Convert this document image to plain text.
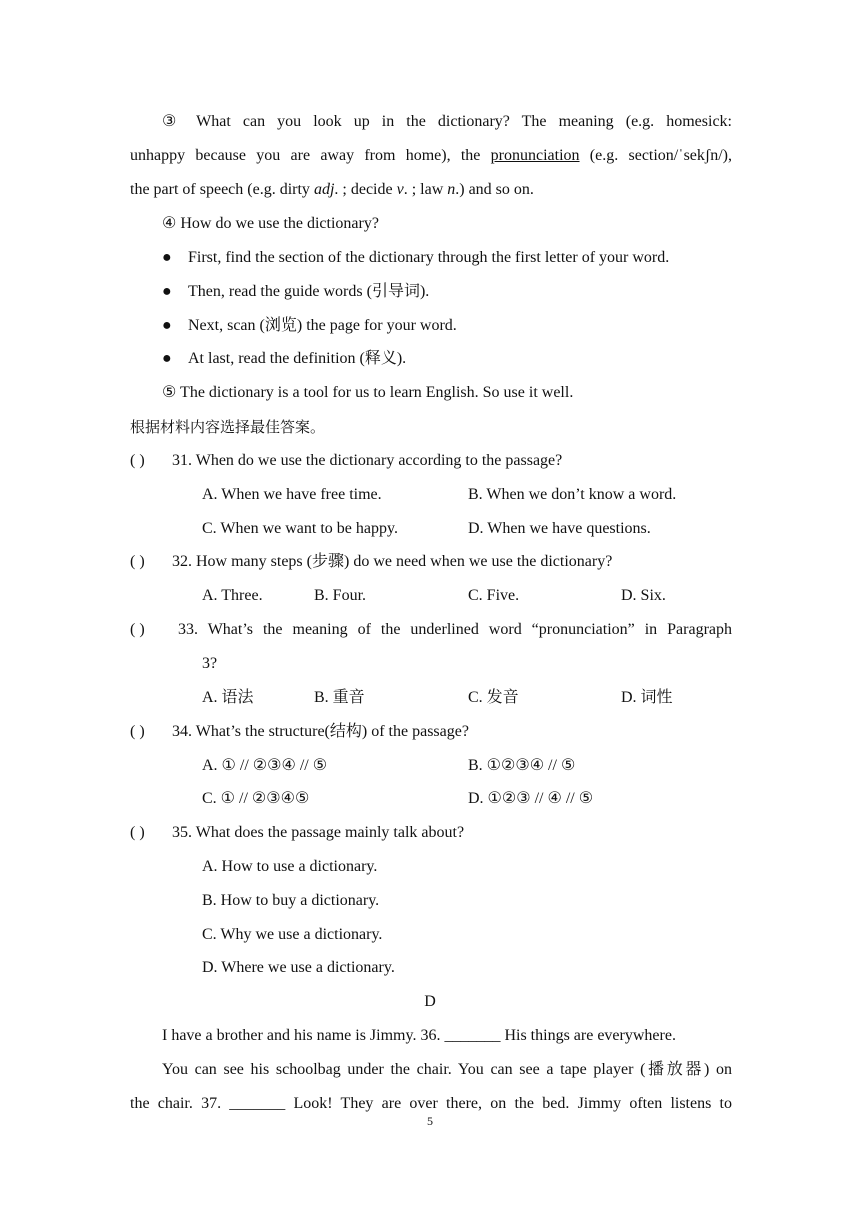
③ What can you look up in the dictionary? The meaning (e.g. homesick:
unhappy because you are away from home), the pronunciation (e.g. section/ˈsekʃn/),
the part of speech (e.g. dirty adj. ; decide v. ; law n.) and so on.
④ How do we use the dictionary?
● First, find the section of the dictionary through the first letter of your word.
● Then, read the guide words (引导词).
● Next, scan (浏览) the page for your word.
● At last, read the definition (释义).
⑤ The dictionary is a tool for us to learn English. So use it well.
根据材料内容选择最佳答案。
( ) 31. When do we use the dictionary according to the passage?
A. When we have free time.	B. When we don’t know a word.
C. When we want to be happy.	D. When we have questions.
( ) 32. How many steps (步骤) do we need when we use the dictionary?
A. Three.	B. Four.	C. Five.	D. Six.
( ) 33. What’s the meaning of the underlined word “pronunciation” in Paragraph
3?
A. 语法	B. 重音	C. 发音	D. 词性
( ) 34. What’s the structure(结构) of the passage?
A. ① // ②③④ // ⑤	B. ①②③④ // ⑤
C. ① // ②③④⑤	D. ①②③ // ④ // ⑤
( ) 35. What does the passage mainly talk about?
A. How to use a dictionary.
B. How to buy a dictionary.
C. Why we use a dictionary.
D. Where we use a dictionary.
D
I have a brother and his name is Jimmy. 36. _______ His things are everywhere.
You can see his schoolbag under the chair. You can see a tape player (播放器) on
the chair. 37. _______ Look! They are over there, on the bed. Jimmy often listens to
5
